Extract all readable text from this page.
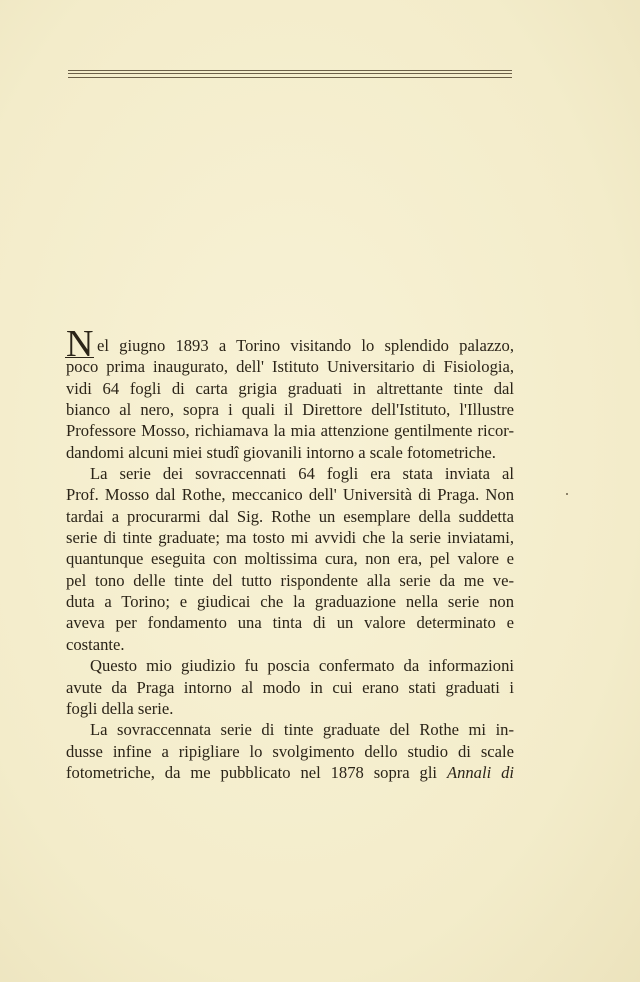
N el giugno 1893 a Torino visitando lo splendido palazzo,
poco prima inaugurato, dell' Istituto Universitario di Fisiologia,
vidi 64 fogli di carta grigia graduati in altrettante tinte dal
bianco al nero, sopra i quali il Direttore dell'Istituto, l'Illustre
Professore Mosso, richiamava la mia attenzione gentilmente ricor-
dandomi alcuni miei studî giovanili intorno a scale fotometriche.
La serie dei sovraccennati 64 fogli era stata inviata al
Prof. Mosso dal Rothe, meccanico dell' Università di Praga. Non
tardai a procurarmi dal Sig. Rothe un esemplare della suddetta
serie di tinte graduate; ma tosto mi avvidi che la serie inviatami,
quantunque eseguita con moltissima cura, non era, pel valore e
pel tono delle tinte del tutto rispondente alla serie da me ve-
duta a Torino; e giudicai che la graduazione nella serie non
aveva per fondamento una tinta di un valore determinato e
costante.
Questo mio giudizio fu poscia confermato da informazioni
avute da Praga intorno al modo in cui erano stati graduati i
fogli della serie.
La sovraccennata serie di tinte graduate del Rothe mi in-
dusse infine a ripigliare lo svolgimento dello studio di scale
fotometriche, da me pubblicato nel 1878 sopra gli Annali di
